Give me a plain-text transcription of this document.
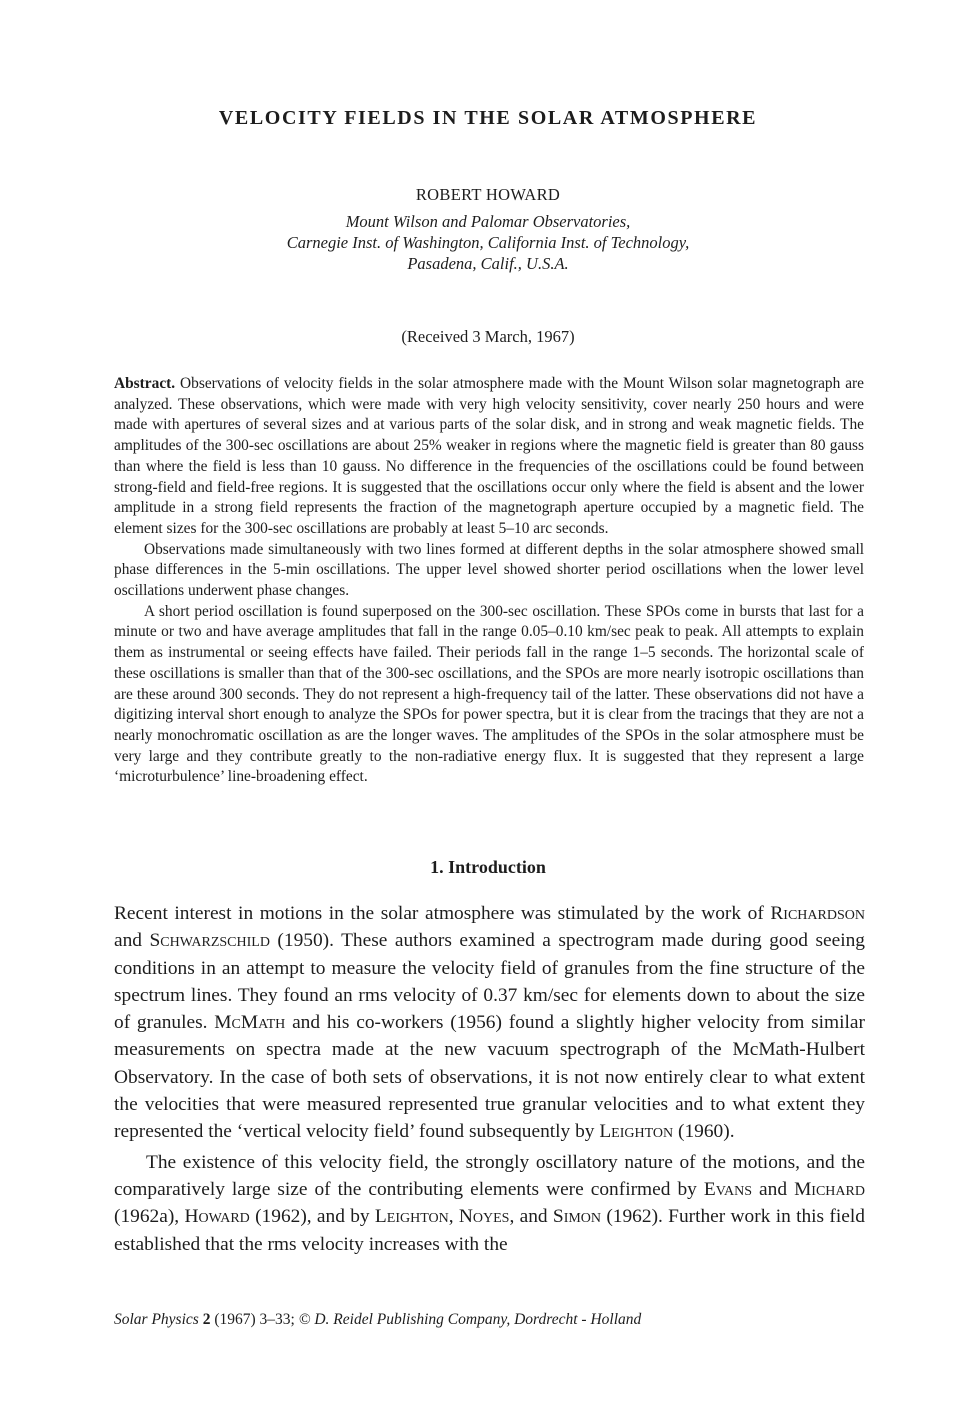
VELOCITY FIELDS IN THE SOLAR ATMOSPHERE
ROBERT HOWARD
Mount Wilson and Palomar Observatories,
Carnegie Inst. of Washington, California Inst. of Technology,
Pasadena, Calif., U.S.A.
(Received 3 March, 1967)

Abstract. Observations of velocity fields in the solar atmosphere made with the Mount Wilson solar magnetograph are analyzed. These observations, which were made with very high velocity sensitivity, cover nearly 250 hours and were made with apertures of several sizes and at various parts of the solar disk, and in strong and weak magnetic fields. The amplitudes of the 300-sec oscillations are about 25% weaker in regions where the magnetic field is greater than 80 gauss than where the field is less than 10 gauss. No difference in the frequencies of the oscillations could be found between strong-field and field-free regions. It is suggested that the oscillations occur only where the field is absent and the lower amplitude in a strong field represents the fraction of the magnetograph aperture occupied by a magnetic field. The element sizes for the 300-sec oscillations are probably at least 5–10 arc seconds.

Observations made simultaneously with two lines formed at different depths in the solar atmosphere showed small phase differences in the 5-min oscillations. The upper level showed shorter period oscillations when the lower level oscillations underwent phase changes.

A short period oscillation is found superposed on the 300-sec oscillation. These SPOs come in bursts that last for a minute or two and have average amplitudes that fall in the range 0.05–0.10 km/sec peak to peak. All attempts to explain them as instrumental or seeing effects have failed. Their periods fall in the range 1–5 seconds. The horizontal scale of these oscillations is smaller than that of the 300-sec oscillations, and the SPOs are more nearly isotropic oscillations than are these around 300 seconds. They do not represent a high-frequency tail of the latter. These observations did not have a digitizing interval short enough to analyze the SPOs for power spectra, but it is clear from the tracings that they are not a nearly monochromatic oscillation as are the longer waves. The amplitudes of the SPOs in the solar atmosphere must be very large and they contribute greatly to the non-radiative energy flux. It is suggested that they represent a large ‘microturbulence’ line-broadening effect.

1. Introduction

Recent interest in motions in the solar atmosphere was stimulated by the work of Richardson and Schwarzschild (1950). These authors examined a spectrogram made during good seeing conditions in an attempt to measure the velocity field of granules from the fine structure of the spectrum lines. They found an rms velocity of 0.37 km/sec for elements down to about the size of granules. McMath and his co-workers (1956) found a slightly higher velocity from similar measurements on spectra made at the new vacuum spectrograph of the McMath-Hulbert Observatory. In the case of both sets of observations, it is not now entirely clear to what extent the velocities that were measured represented true granular velocities and to what extent they represented the ‘vertical velocity field’ found subsequently by Leighton (1960).

The existence of this velocity field, the strongly oscillatory nature of the motions, and the comparatively large size of the contributing elements were confirmed by Evans and Michard (1962a), Howard (1962), and by Leighton, Noyes, and Simon (1962). Further work in this field established that the rms velocity increases with the

Solar Physics 2 (1967) 3–33; © D. Reidel Publishing Company, Dordrecht - Holland
